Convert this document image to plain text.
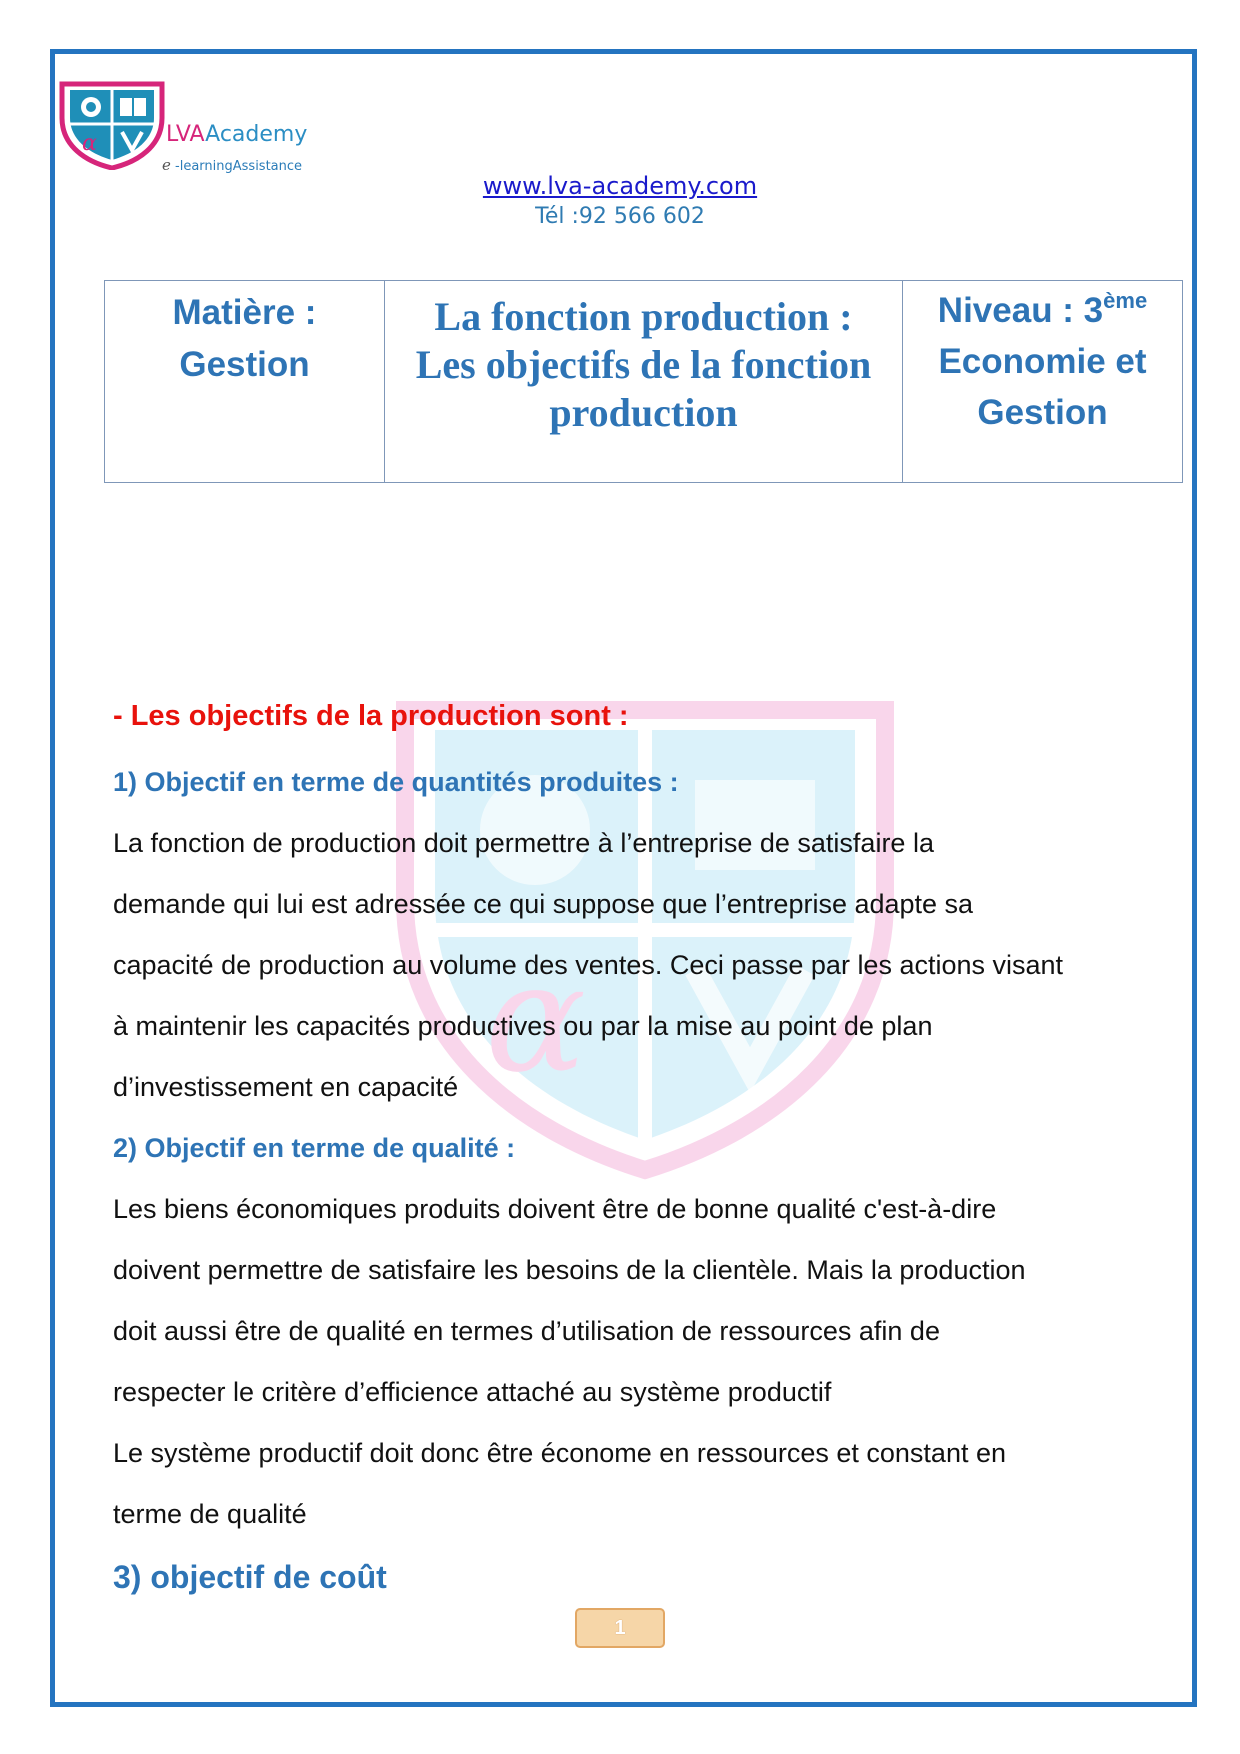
α	LVAAcademy
e -learningAssistance
www.lva-academy.com
Tél :92 566 602
Matière :
Gestion
La fonction production :
Les objectifs de la fonction
production
Niveau : 3ème
Economie et
Gestion
α
- Les objectifs de la production sont :
1) Objectif en terme de quantités produites :

La fonction de production doit permettre à l’entreprise de satisfaire la

demande qui lui est adressée ce qui suppose que l’entreprise adapte sa

capacité de production au volume des ventes. Ceci passe par les actions visant

à maintenir les capacités productives ou par la mise au point de plan

d’investissement en capacité

2) Objectif en terme de qualité :

Les biens économiques produits doivent être de bonne qualité c'est-à-dire

doivent permettre de satisfaire les besoins de la clientèle. Mais la production

doit aussi être de qualité en termes d’utilisation de ressources afin de

respecter le critère d’efficience attaché au système productif

Le système productif doit donc être économe en ressources et constant en

terme de qualité

3) objectif de coût
1
